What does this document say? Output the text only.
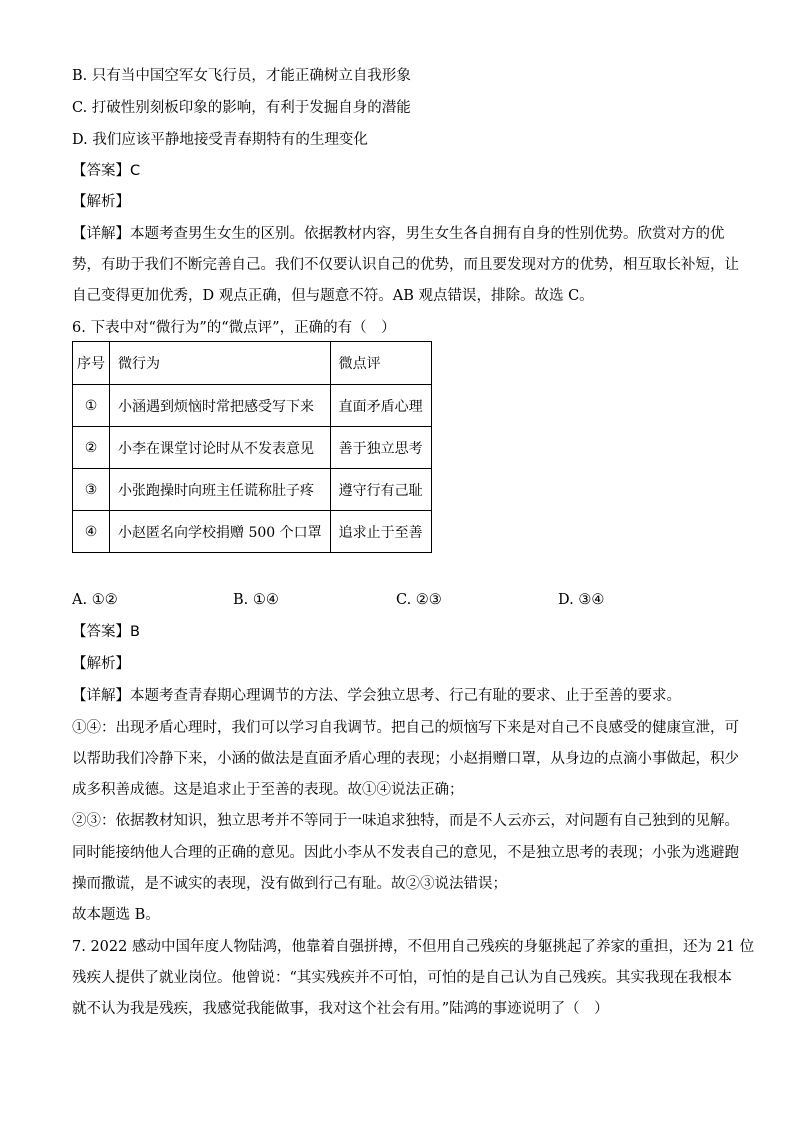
B. 只有当中国空军女飞行员，才能正确树立自我形象
C. 打破性别刻板印象的影响，有利于发掘自身的潜能
D. 我们应该平静地接受青春期特有的生理变化
【答案】C
【解析】
【详解】本题考查男生女生的区别。依据教材内容，男生女生各自拥有自身的性别优势。欣赏对方的优
势，有助于我们不断完善自己。我们不仅要认识自己的优势，而且要发现对方的优势，相互取长补短，让
自己变得更加优秀，D 观点正确，但与题意不符。AB 观点错误，排除。故选 C。
6. 下表中对“微行为”的“微点评”，正确的有（　）
序号	微行为	微点评
①	小涵遇到烦恼时常把感受写下来	直面矛盾心理
②	小李在课堂讨论时从不发表意见	善于独立思考
③	小张跑操时向班主任谎称肚子疼	遵守行有己耻
④	小赵匿名向学校捐赠 500 个口罩	追求止于至善
A. ①②	B. ①④	C. ②③	D. ③④
【答案】B
【解析】
【详解】本题考查青春期心理调节的方法、学会独立思考、行己有耻的要求、止于至善的要求。
①④：出现矛盾心理时，我们可以学习自我调节。把自己的烦恼写下来是对自己不良感受的健康宣泄，可
以帮助我们冷静下来，小涵的做法是直面矛盾心理的表现；小赵捐赠口罩，从身边的点滴小事做起，积少
成多积善成德。这是追求止于至善的表现。故①④说法正确；
②③：依据教材知识，独立思考并不等同于一味追求独特，而是不人云亦云，对问题有自己独到的见解。
同时能接纳他人合理的正确的意见。因此小李从不发表自己的意见，不是独立思考的表现；小张为逃避跑
操而撒谎，是不诚实的表现，没有做到行己有耻。故②③说法错误；
故本题选 B。
7. 2022 感动中国年度人物陆鸿，他靠着自强拼搏，不但用自己残疾的身躯挑起了养家的重担，还为 21 位
残疾人提供了就业岗位。他曾说：“其实残疾并不可怕，可怕的是自己认为自己残疾。其实我现在我根本
就不认为我是残疾，我感觉我能做事，我对这个社会有用。”陆鸿的事迹说明了（　）
